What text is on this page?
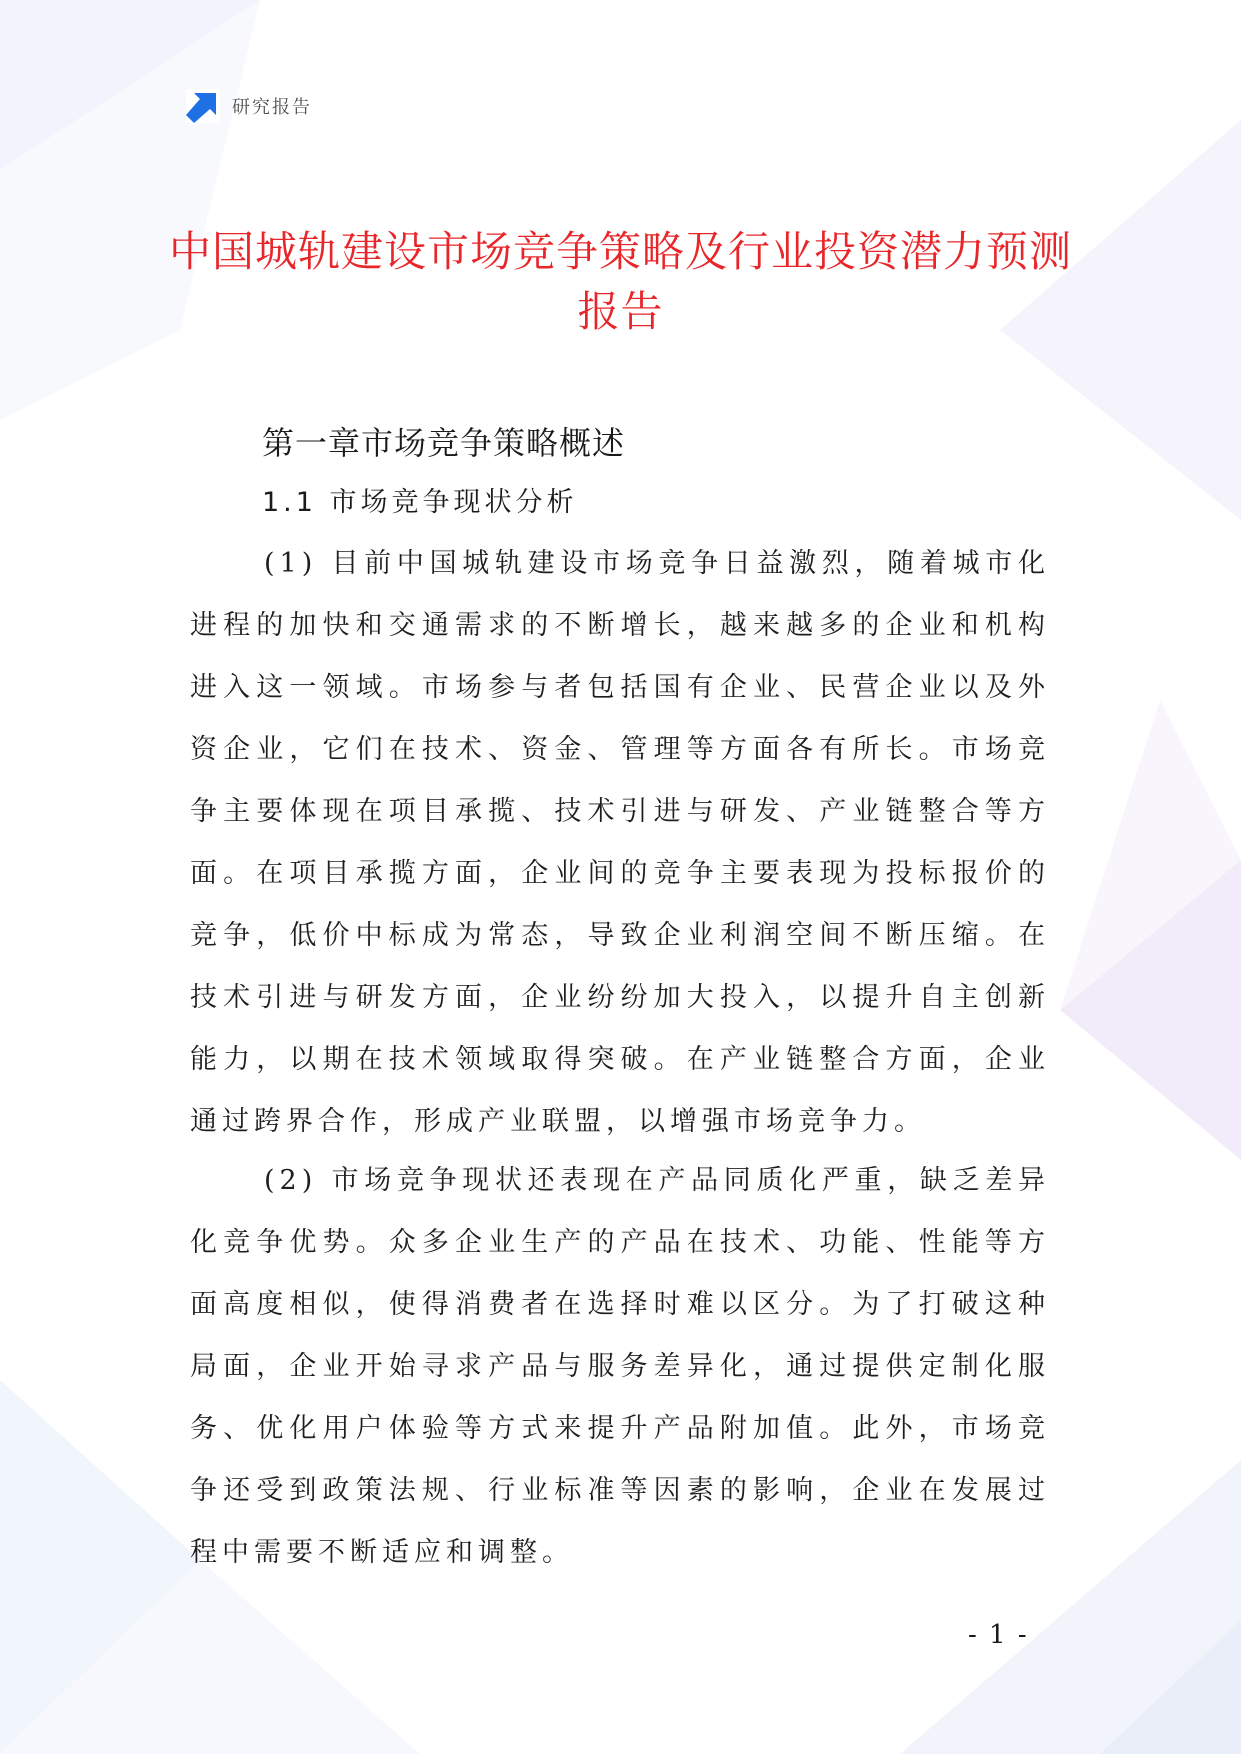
研究报告
中国城轨建设市场竞争策略及行业投资潜力预测报告
第一章市场竞争策略概述
1.1 市场竞争现状分析

(1) 目前中国城轨建设市场竞争日益激烈，随着城市化进程的加快和交通需求的不断增长，越来越多的企业和机构进入这一领域。市场参与者包括国有企业、民营企业以及外资企业，它们在技术、资金、管理等方面各有所长。市场竞争主要体现在项目承揽、技术引进与研发、产业链整合等方面。在项目承揽方面，企业间的竞争主要表现为投标报价的竞争，低价中标成为常态，导致企业利润空间不断压缩。在技术引进与研发方面，企业纷纷加大投入，以提升自主创新能力，以期在技术领域取得突破。在产业链整合方面，企业通过跨界合作，形成产业联盟，以增强市场竞争力。

(2) 市场竞争现状还表现在产品同质化严重，缺乏差异化竞争优势。众多企业生产的产品在技术、功能、性能等方面高度相似，使得消费者在选择时难以区分。为了打破这种局面，企业开始寻求产品与服务差异化，通过提供定制化服务、优化用户体验等方式来提升产品附加值。此外，市场竞争还受到政策法规、行业标准等因素的影响，企业在发展过程中需要不断适应和调整。

- 1 -
